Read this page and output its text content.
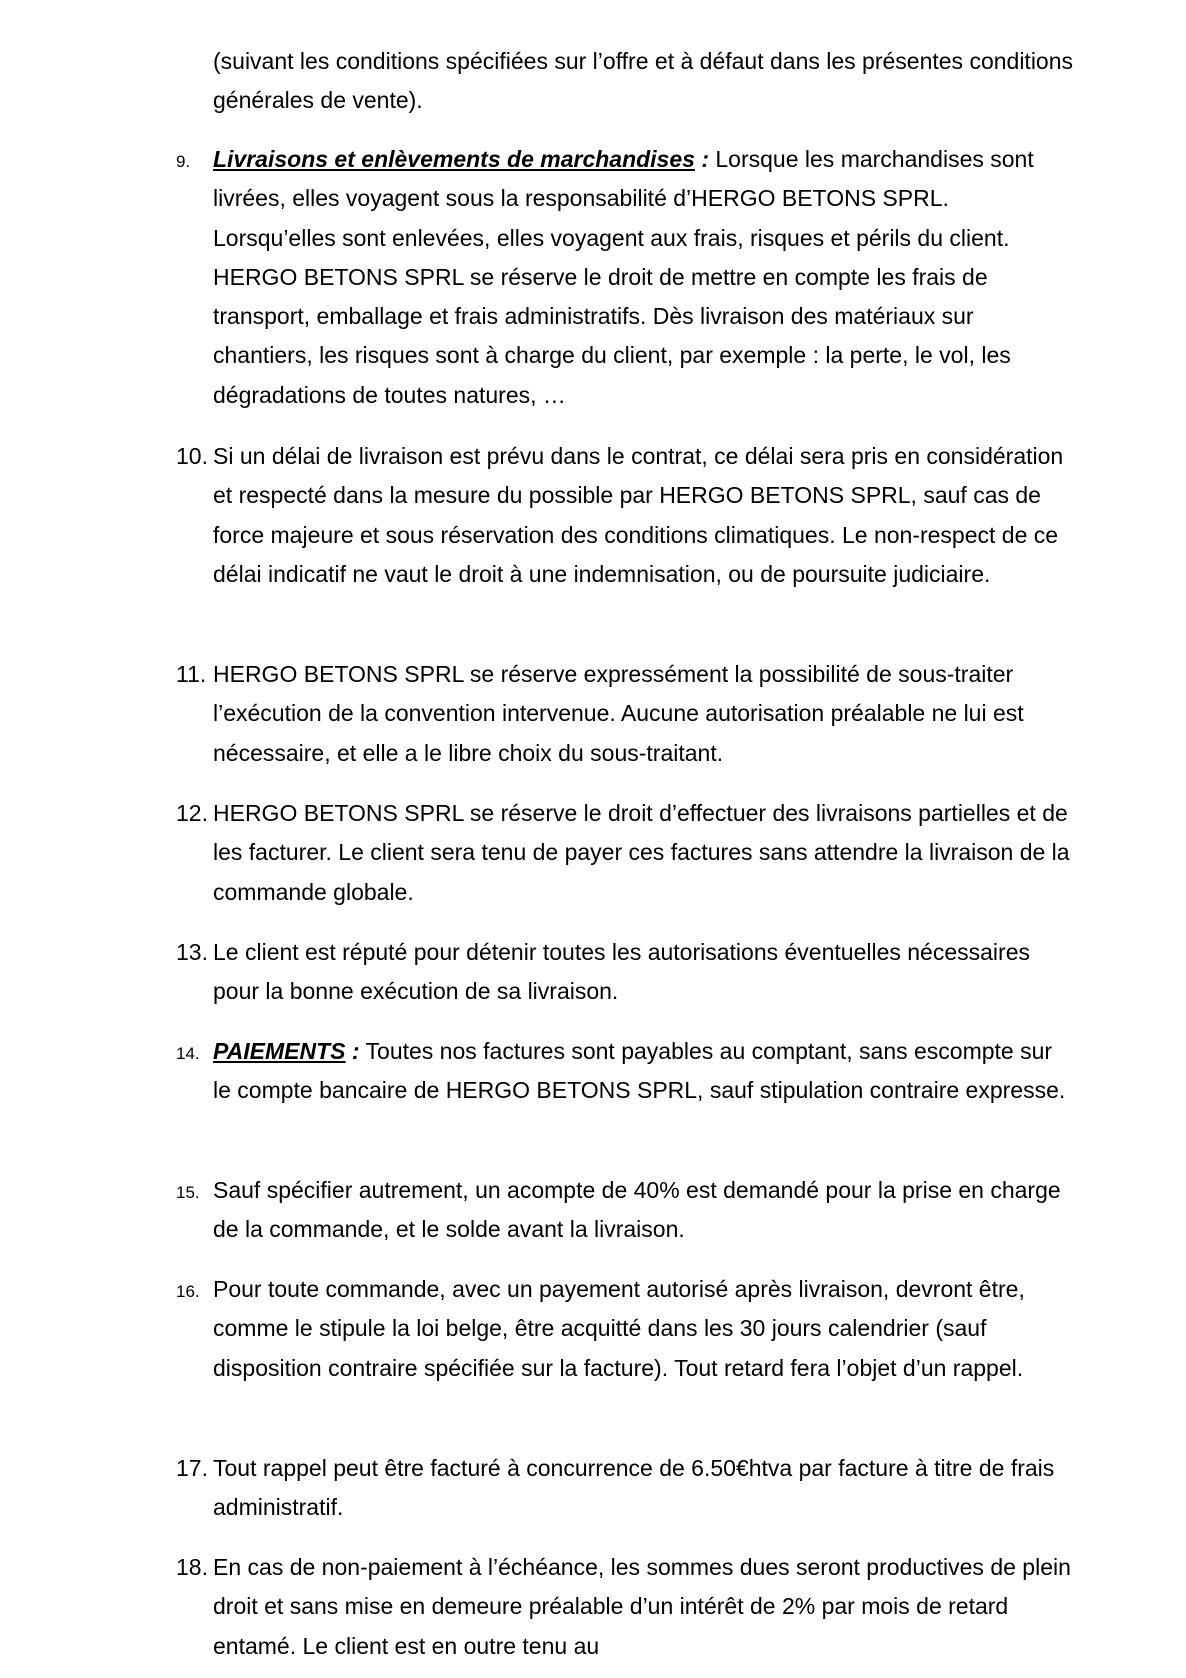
(suivant les conditions spécifiées sur l’offre et à défaut dans les présentes conditions générales de vente).

9. Livraisons et enlèvements de marchandises : Lorsque les marchandises sont livrées, elles voyagent sous la responsabilité d’HERGO BETONS SPRL. Lorsqu’elles sont enlevées, elles voyagent aux frais, risques et périls du client. HERGO BETONS SPRL se réserve le droit de mettre en compte les frais de transport, emballage et frais administratifs. Dès livraison des matériaux sur chantiers, les risques sont à charge du client, par exemple : la perte, le vol, les dégradations de toutes natures, …
10. Si un délai de livraison est prévu dans le contrat, ce délai sera pris en considération et respecté dans la mesure du possible par HERGO BETONS SPRL, sauf cas de force majeure et sous réservation des conditions climatiques. Le non-respect de ce délai indicatif ne vaut le droit à une indemnisation, ou de poursuite judiciaire.
11. HERGO BETONS SPRL se réserve expressément la possibilité de sous-traiter l’exécution de la convention intervenue. Aucune autorisation préalable ne lui est nécessaire, et elle a le libre choix du sous-traitant.
12. HERGO BETONS SPRL se réserve le droit d’effectuer des livraisons partielles et de les facturer. Le client sera tenu de payer ces factures sans attendre la livraison de la commande globale.
13. Le client est réputé pour détenir toutes les autorisations éventuelles nécessaires pour la bonne exécution de sa livraison.
14. PAIEMENTS : Toutes nos factures sont payables au comptant, sans escompte sur le compte bancaire de HERGO BETONS SPRL, sauf stipulation contraire expresse.
15. Sauf spécifier autrement, un acompte de 40% est demandé pour la prise en charge de la commande, et le solde avant la livraison.
16. Pour toute commande, avec un payement autorisé après livraison, devront être, comme le stipule la loi belge, être acquitté dans les 30 jours calendrier (sauf disposition contraire spécifiée sur la facture). Tout retard fera l’objet d’un rappel.
17. Tout rappel peut être facturé à concurrence de 6.50€htva par facture à titre de frais administratif.
18. En cas de non-paiement à l’échéance, les sommes dues seront productives de plein droit et sans mise en demeure préalable d’un intérêt de 2% par mois de retard entamé. Le client est en outre tenu au
